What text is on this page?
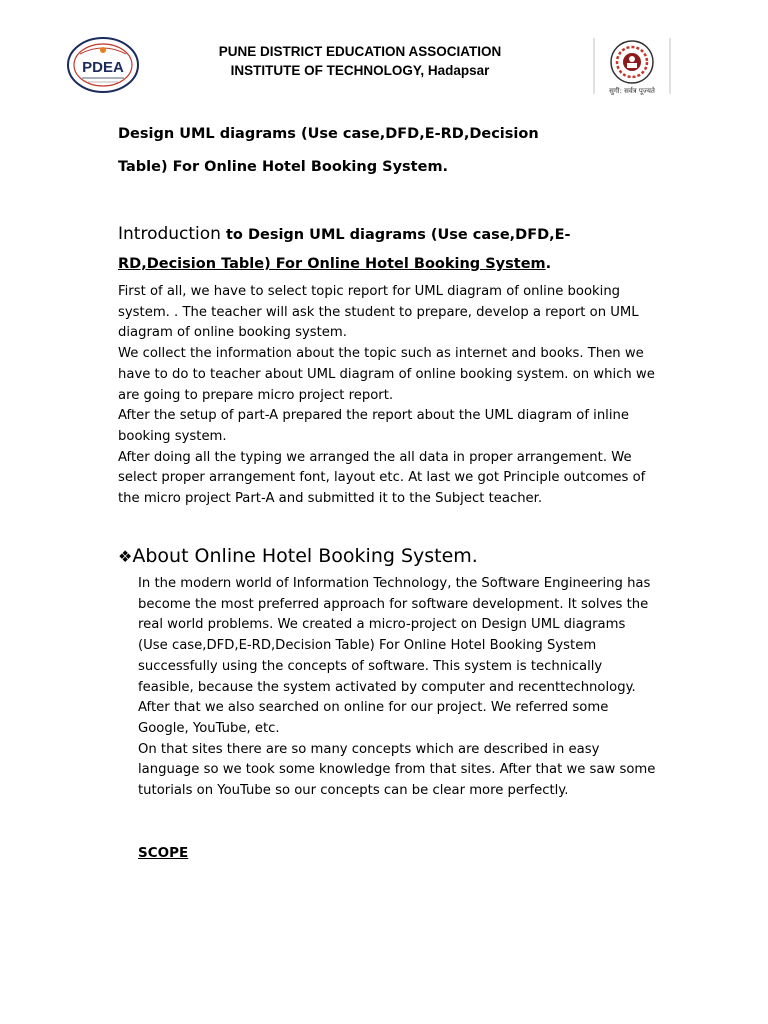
PDEA
PUNE DISTRICT EDUCATION ASSOCIATION
INSTITUTE OF TECHNOLOGY, Hadapsar
सुगी: सर्वत्र पूज्यते
Design UML diagrams (Use case,DFD,E-RD,Decision
Table) For Online Hotel Booking System.
Introduction to Design UML diagrams (Use case,DFD,E-
RD,Decision Table) For Online Hotel Booking System.

First of all, we have to select topic report for UML diagram of online booking system. . The teacher will ask the student to prepare, develop a report on UML diagram of online booking system.

We collect the information about the topic such as internet and books. Then we have to do to teacher about UML diagram of online booking system. on which we are going to prepare micro project report.

After the setup of part-A prepared the report about the UML diagram of inline booking system.

After doing all the typing we arranged the all data in proper arrangement. We select proper arrangement font, layout etc. At last we got Principle outcomes of the micro project Part-A and submitted it to the Subject teacher.

❖About Online Hotel Booking System.

In the modern world of Information Technology, the Software Engineering has become the most preferred approach for software development. It solves the real world problems. We created a micro-project on Design UML diagrams (Use case,DFD,E-RD,Decision Table) For Online Hotel Booking System successfully using the concepts of software. This system is technically feasible, because the system activated by computer and recenttechnology.

After that we also searched on online for our project. We referred some Google, YouTube, etc.

On that sites there are so many concepts which are described in easy language so we took some knowledge from that sites. After that we saw some tutorials on YouTube so our concepts can be clear more perfectly.

SCOPE
